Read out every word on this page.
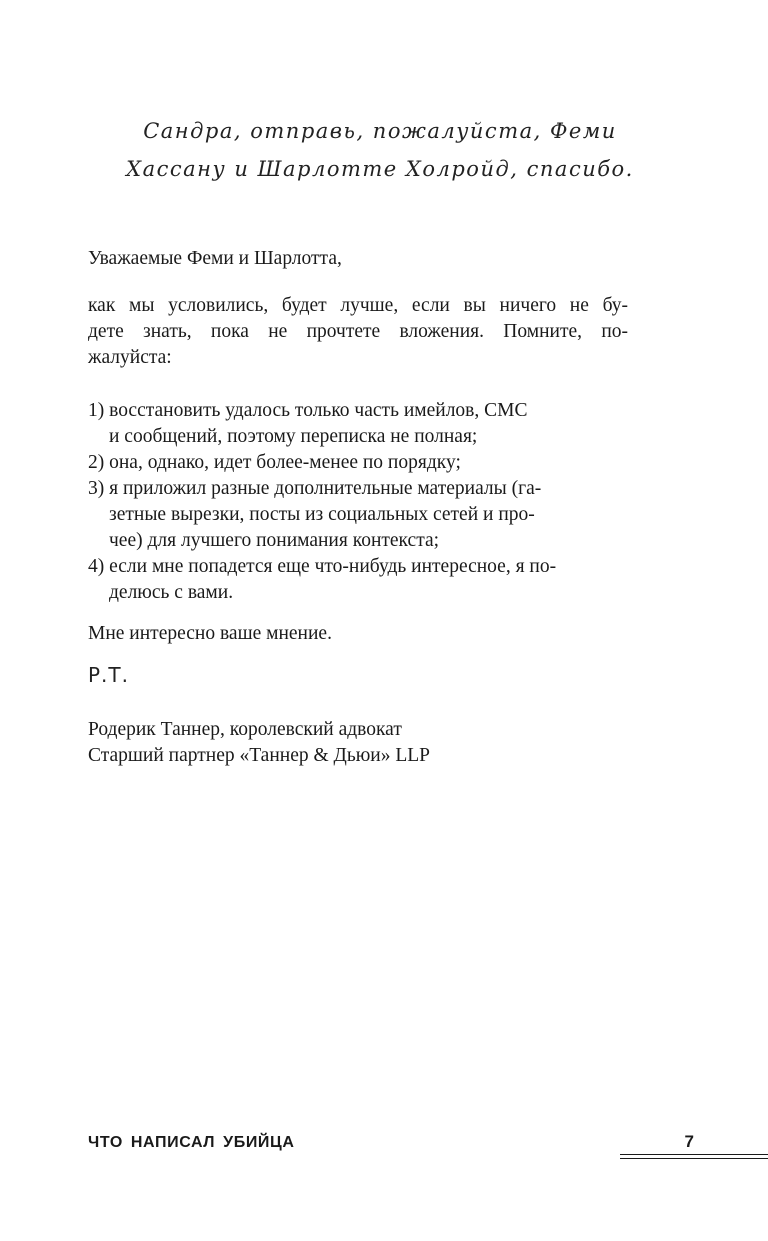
Сандра, отправь, пожалуйста, Феми
Хассану и Шарлотте Холройд, спасибо.
Уважаемые Феми и Шарлотта,
как мы условились, будет лучше, если вы ничего не бу-
дете знать, пока не прочтете вложения. Помните, по-
жалуйста:
1) восстановить удалось только часть имейлов, СМС
и сообщений, поэтому переписка не полная;
2) она, однако, идет более-менее по порядку;
3) я приложил разные дополнительные материалы (га-
зетные вырезки, посты из социальных сетей и про-
чее) для лучшего понимания контекста;
4) если мне попадется еще что-нибудь интересное, я по-
делюсь с вами.
Мне интересно ваше мнение.
Р.Т.
Родерик Таннер, королевский адвокат
Старший партнер «Таннер & Дьюи» LLP
ЧТО НАПИСАЛ УБИЙЦА	7
